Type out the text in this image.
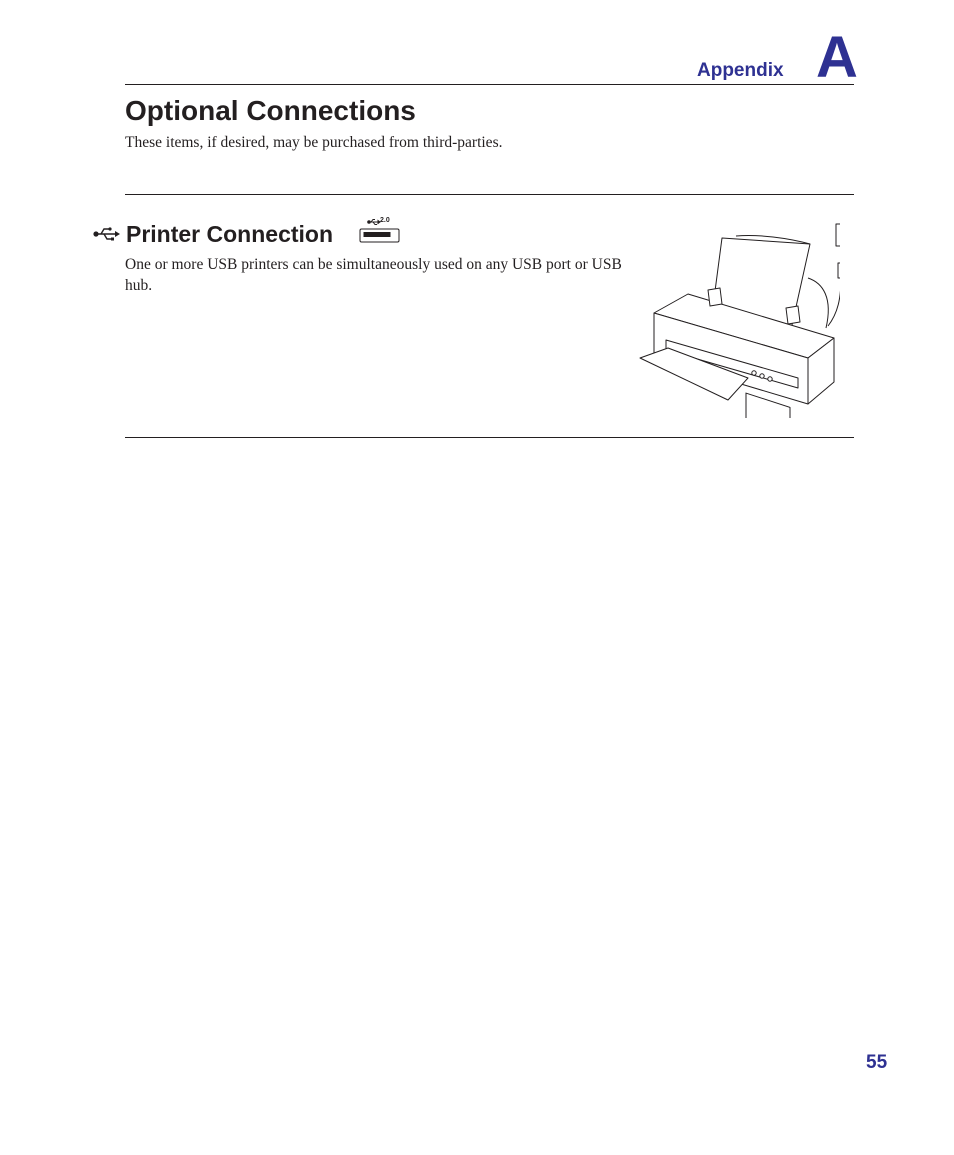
Appendix A
Optional Connections

These items, if desired, may be purchased from third-parties.

Printer Connection
2.0

One or more USB printers can be simultaneously used on any USB port or USB hub.

55
